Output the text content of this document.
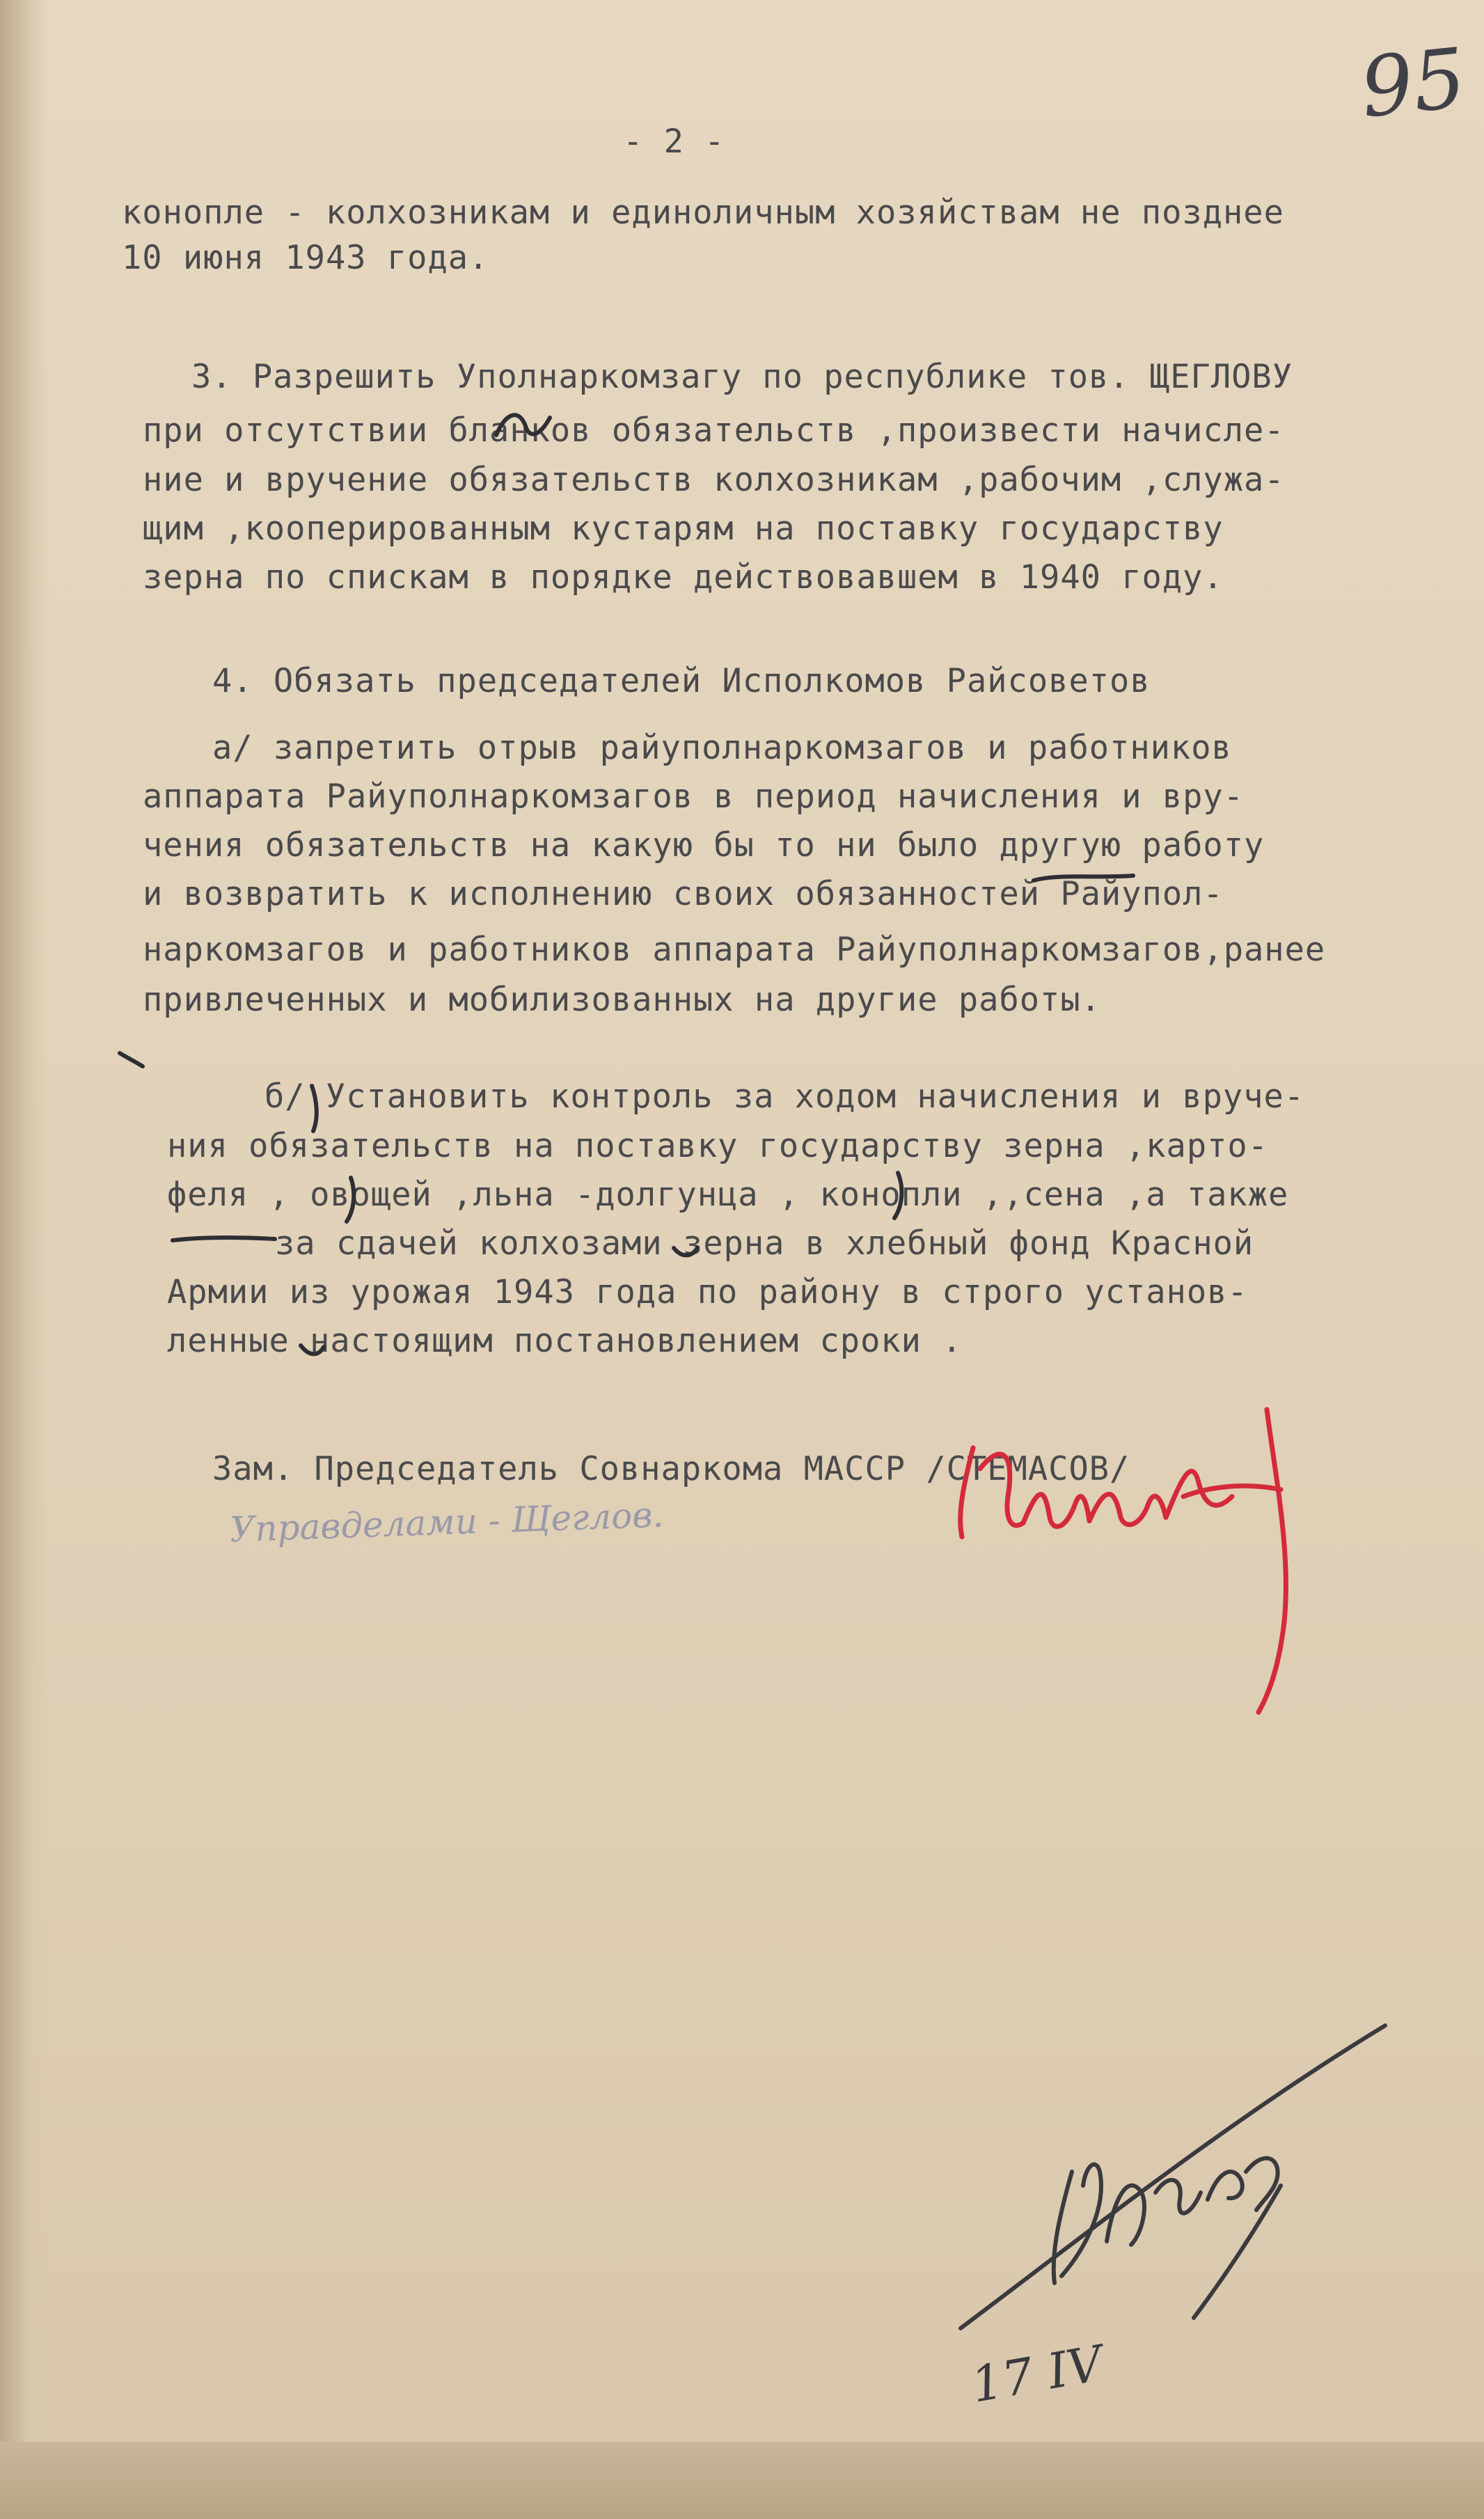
95
- 2 -
конопле - колхозникам и единоличным хозяйствам не позднее
10 июня 1943 года.
3. Разрешить Уполнаркомзагу по республике тов. ЩЕГЛОВУ
при отсутствии бланков обязательств ,произвести начисле-
ние и вручение обязательств колхозникам ,рабочим ,служа-
щим ,кооперированным кустарям на поставку государству
зерна по спискам в порядке действовавшем в 1940 году.
4. Обязать председателей Исполкомов Райсоветов
а/ запретить отрыв райуполнаркомзагов и работников
аппарата Райуполнаркомзагов в период начисления и вру-
чения обязательств на какую бы то ни было другую работу
и возвратить к исполнению своих обязанностей Райупол-
наркомзагов и работников аппарата Райуполнаркомзагов,ранее
привлеченных и мобилизованных на другие работы.
б/ Установить контроль за ходом начисления и вруче-
ния обязательств на поставку государству зерна ,карто-
феля , овощей ,льна -долгунца , конопли ,,сена ,а также
за сдачей колхозами зерна в хлебный фонд Красной
Армии из урожая 1943 года по району в строго установ-
ленные настоящим постановлением сроки .
Зам. Председатель Совнаркома МАССР /СТЕМАСОВ/
Управделами - Щеглов.
17 IV
